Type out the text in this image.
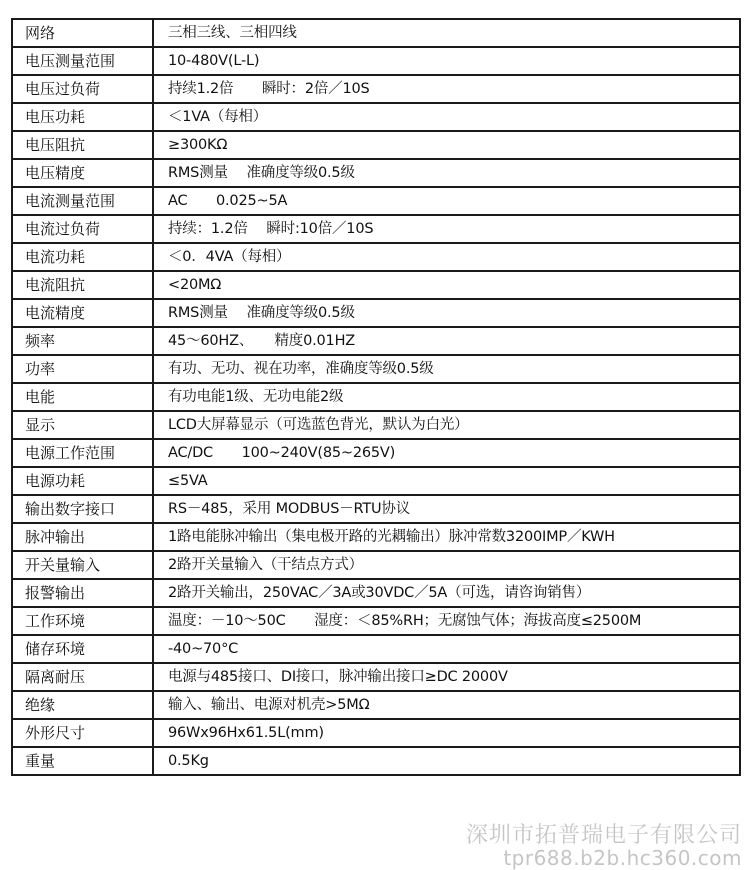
网络	三相三线、三相四线
电压测量范围	10-480V(L-L)
电压过负荷	持续1.2倍　　瞬时：2倍／10S
电压功耗	＜1VA（每相）
电压阻抗	≥300KΩ
电压精度	RMS测量　 准确度等级0.5级
电流测量范围	AC　　0.025~5A
电流过负荷	持续：1.2倍　 瞬时:10倍／10S
电流功耗	＜0．4VA（每相）
电流阻抗	<20MΩ
电流精度	RMS测量　 准确度等级0.5级
频率	45～60HZ、　　精度0.01HZ
功率	有功、无功、视在功率，准确度等级0.5级
电能	有功电能1级、无功电能2级
显示	LCD大屏幕显示（可选蓝色背光，默认为白光）
电源工作范围	AC/DC　　100~240V(85~265V)
电源功耗	≤5VA
输出数字接口	RS－485，采用 MODBUS－RTU协议
脉冲输出	1路电能脉冲输出（集电极开路的光耦输出）脉冲常数3200IMP／KWH
开关量输入	2路开关量输入（干结点方式）
报警输出	2路开关输出，250VAC／3A或30VDC／5A（可选，请咨询销售）
工作环境	温度：－10～50C　　湿度：＜85%RH；无腐蚀气体；海拔高度≤2500M
储存环境	-40~70°C
隔离耐压	电源与485接口、DI接口，脉冲输出接口≥DC 2000V
绝缘	输入、输出、电源对机壳>5MΩ
外形尺寸	96Wx96Hx61.5L(mm)
重量	0.5Kg
深圳市拓普瑞电子有限公司
tpr688.b2b.hc360.com
